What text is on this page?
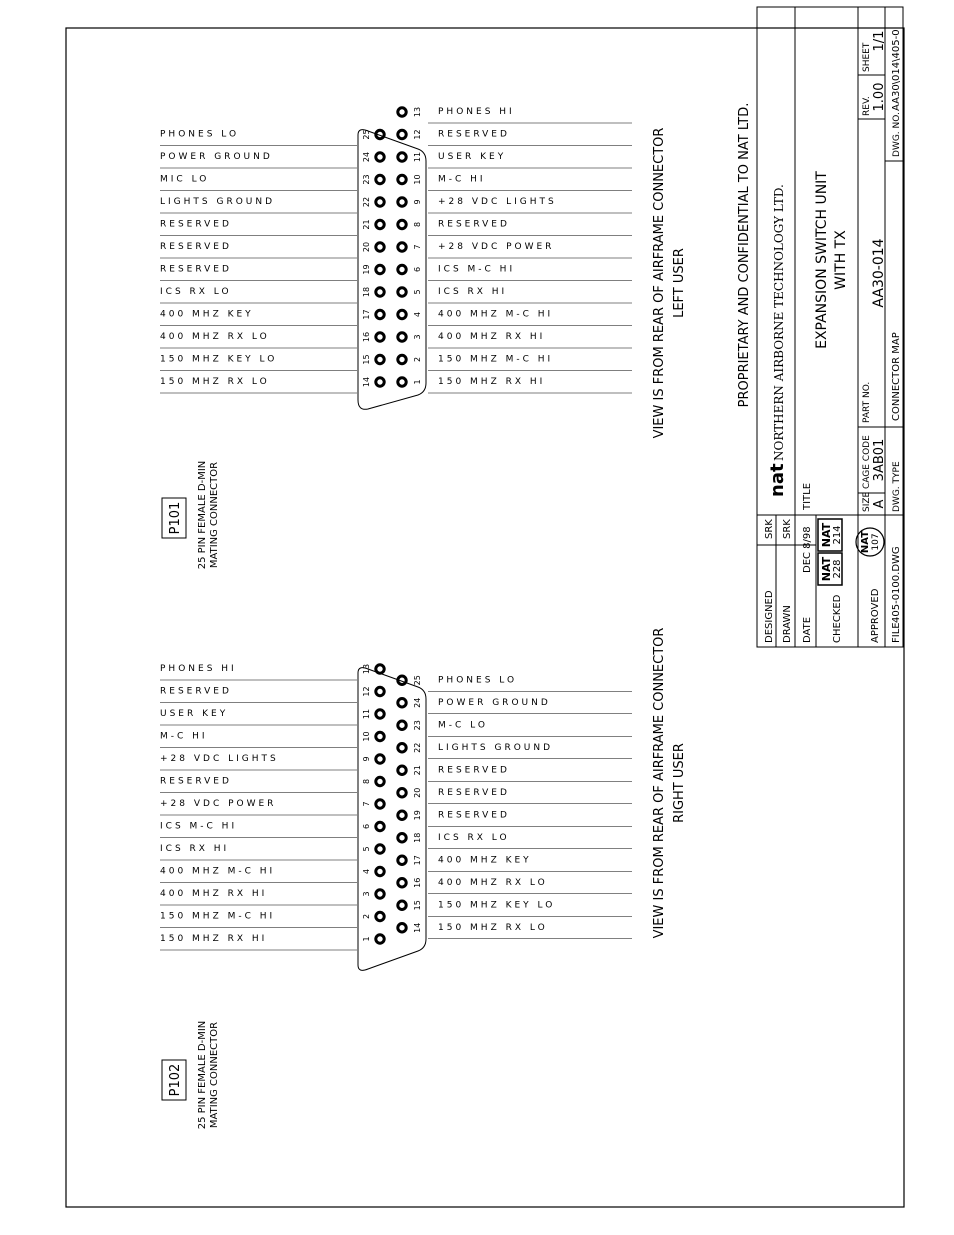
P102 25 PIN FEMALE D-MIN MATING CONNECTOR
VIEW IS FROM REAR OF AIRFRAME CONNECTOR RIGHT USER
1
150 MHZ RX HI
2
150 MHZ M-C HI
3
400 MHZ RX HI
4
400 MHZ M-C HI
5
ICS RX HI
6
ICS M-C HI
7
+28 VDC POWER
8
RESERVED
9
+28 VDC LIGHTS
10
M-C HI
11
USER KEY
12
RESERVED
13
PHONES HI
14 150 MHZ RX LO
15 150 MHZ KEY LO
16 400 MHZ RX LO
17 400 MHZ KEY
18 ICS RX LO
19 RESERVED
20 RESERVED
21 RESERVED
22 LIGHTS GROUND
23 M-C LO
24 POWER GROUND
25 PHONES LO
P101 25 PIN FEMALE D-MIN MATING CONNECTOR
VIEW IS FROM REAR OF AIRFRAME CONNECTOR LEFT USER
14
150 MHZ RX LO
15
150 MHZ KEY LO
16
400 MHZ RX LO
17
400 MHZ KEY
18
ICS RX LO
19
RESERVED
20
RESERVED
21
RESERVED
22
LIGHTS GROUND
23
MIC LO
24
POWER GROUND
25
PHONES LO
1 150 MHZ RX HI
2 150 MHZ M-C HI
3 400 MHZ RX HI
4 400 MHZ M-C HI
5 ICS RX HI
6 ICS M-C HI
7 +28 VDC POWER
8 RESERVED
9 +28 VDC LIGHTS
10 M-C HI
11 USER KEY
12 RESERVED
13 PHONES HI	PROPRIETARY AND CONFIDENTIAL TO NAT LTD.
DESIGNED
SRK
DRAWN
SRK
DATE
DEC 8/98
CHECKED
NAT 228
NAT 214
APPROVED
NAT 107
FILE
405-0100.DWG
nat
NORTHERN AIRBORNE TECHNOLOGY LTD.
TITLE
EXPANSION SWITCH UNIT WITH TX
SIZE A
CAGE CODE 3AB01
PART NO.
AA30-014
REV. 1.00
SHEET
1/1
DWG. TYPE
CONNECTOR MAP
DWG. NO.
AA30\014\405-0
